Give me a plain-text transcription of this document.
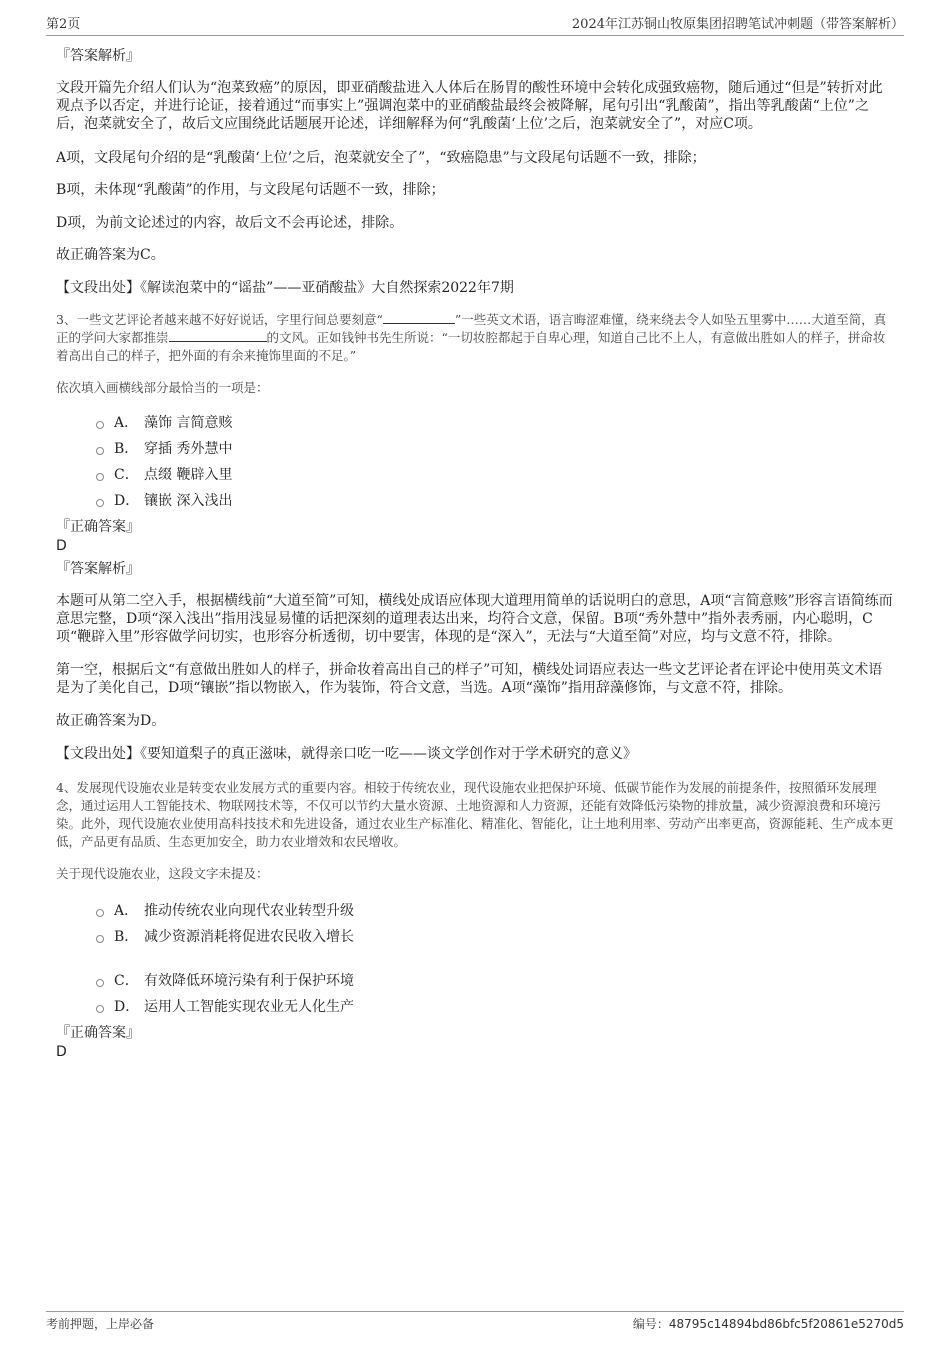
第2页	2024年江苏铜山牧原集团招聘笔试冲刺题（带答案解析）

『答案解析』

文段开篇先介绍人们认为“泡菜致癌”的原因，即亚硝酸盐进入人体后在肠胃的酸性环境中会转化成强致癌物，随后通过“但是”转折对此观点予以否定，并进行论证，接着通过“而事实上”强调泡菜中的亚硝酸盐最终会被降解，尾句引出“乳酸菌”，指出等乳酸菌“上位”之后，泡菜就安全了，故后文应围绕此话题展开论述，详细解释为何“乳酸菌‘上位’之后，泡菜就安全了”，对应C项。

A项，文段尾句介绍的是“乳酸菌‘上位’之后，泡菜就安全了”，“致癌隐患”与文段尾句话题不一致，排除；

B项，未体现“乳酸菌”的作用，与文段尾句话题不一致，排除；

D项，为前文论述过的内容，故后文不会再论述，排除。

故正确答案为C。

【文段出处】《解读泡菜中的“谣盐”——亚硝酸盐》大自然探索2022年7期

3、一些文艺评论者越来越不好好说话，字里行间总要刻意“	”一些英文术语，语言晦涩难懂，绕来绕去令人如坠五里雾中……大道至简，真正的学问大家都推崇	的文风。正如钱钟书先生所说：“一切妆腔都起于自卑心理，知道自己比不上人，有意做出胜如人的样子，拼命妆着高出自己的样子，把外面的有余来掩饰里面的不足。”

依次填入画横线部分最恰当的一项是：

A． 藻饰 言简意赅
B． 穿插 秀外慧中
C． 点缀 鞭辟入里
D． 镶嵌 深入浅出

『正确答案』

D

『答案解析』

本题可从第二空入手，根据横线前“大道至简”可知，横线处成语应体现大道理用简单的话说明白的意思，A项“言简意赅”形容言语简练而意思完整，D项“深入浅出”指用浅显易懂的话把深刻的道理表达出来，均符合文意，保留。B项“秀外慧中”指外表秀丽，内心聪明，C项“鞭辟入里”形容做学问切实，也形容分析透彻，切中要害，体现的是“深入”，无法与“大道至简”对应，均与文意不符，排除。

第一空，根据后文“有意做出胜如人的样子，拼命妆着高出自己的样子”可知，横线处词语应表达一些文艺评论者在评论中使用英文术语是为了美化自己，D项“镶嵌”指以物嵌入，作为装饰，符合文意，当选。A项“藻饰”指用辞藻修饰，与文意不符，排除。

故正确答案为D。

【文段出处】《要知道梨子的真正滋味，就得亲口吃一吃——谈文学创作对于学术研究的意义》

4、发展现代设施农业是转变农业发展方式的重要内容。相较于传统农业，现代设施农业把保护环境、低碳节能作为发展的前提条件，按照循环发展理念，通过运用人工智能技术、物联网技术等，不仅可以节约大量水资源、土地资源和人力资源，还能有效降低污染物的排放量，减少资源浪费和环境污染。此外，现代设施农业使用高科技技术和先进设备，通过农业生产标准化、精准化、智能化，让土地利用率、劳动产出率更高，资源能耗、生产成本更低，产品更有品质、生态更加安全，助力农业增效和农民增收。

关于现代设施农业，这段文字未提及：

A． 推动传统农业向现代农业转型升级
B． 减少资源消耗将促进农民收入增长
C． 有效降低环境污染有利于保护环境
D． 运用人工智能实现农业无人化生产

『正确答案』

D

考前押题，上岸必备	编号：48795c14894bd86bfc5f20861e5270d5
